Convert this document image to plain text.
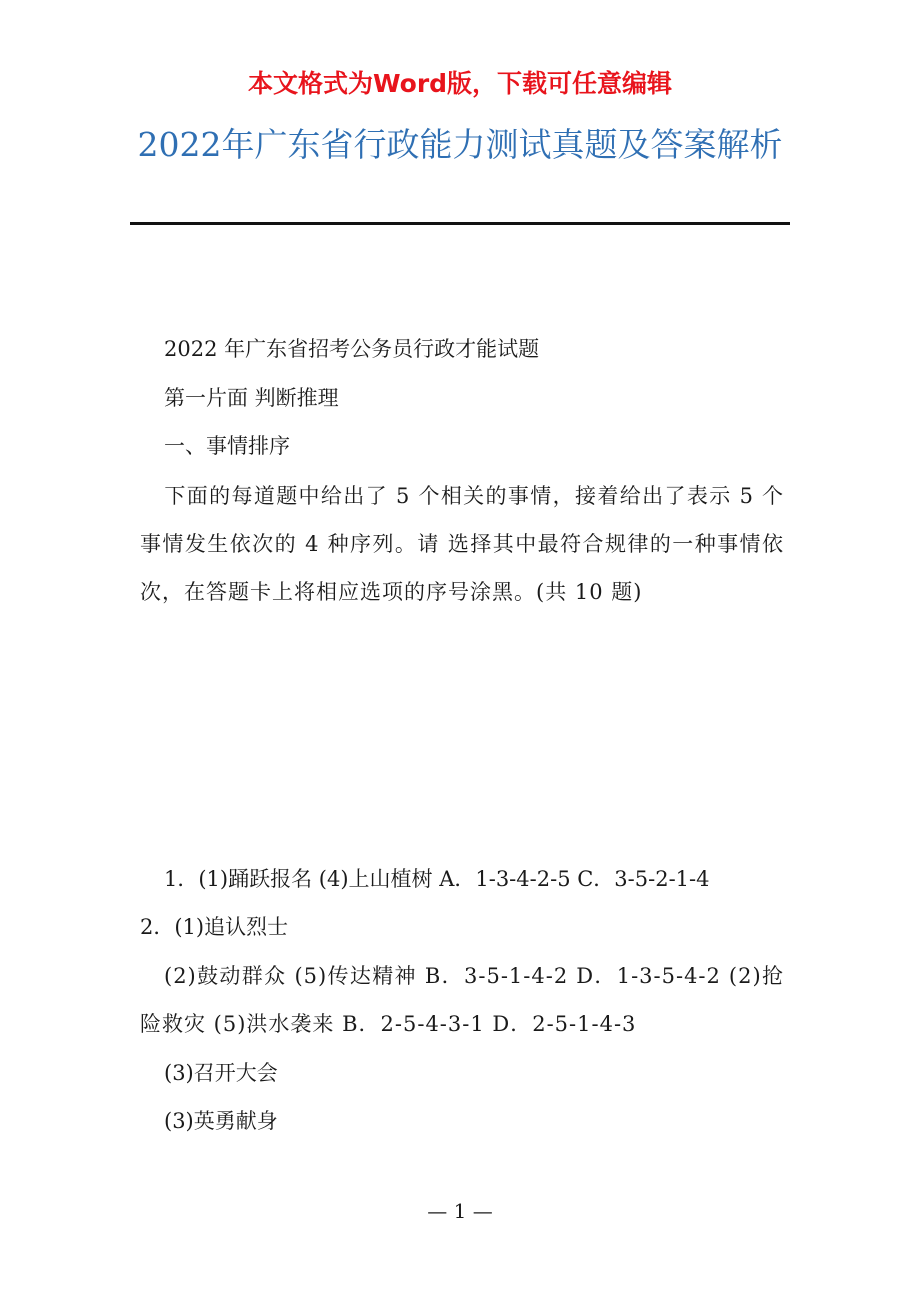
本文格式为Word版，下载可任意编辑
2022年广东省行政能力测试真题及答案解析
2022 年广东省招考公务员行政才能试题
第一片面 判断推理
一、事情排序
下面的每道题中给出了 5 个相关的事情，接着给出了表示 5 个事情发生依次的 4 种序列。请 选择其中最符合规律的一种事情依次，在答题卡上将相应选项的序号涂黑。(共 10 题)
1．(1)踊跃报名 (4)上山植树 A．1-3-4-2-5 C．3-5-2-1-4
2．(1)追认烈士
(2)鼓动群众 (5)传达精神 B．3-5-1-4-2 D．1-3-5-4-2 (2)抢险救灾 (5)洪水袭来 B．2-5-4-3-1 D．2-5-1-4-3
(3)召开大会
(3)英勇献身
— 1 —
